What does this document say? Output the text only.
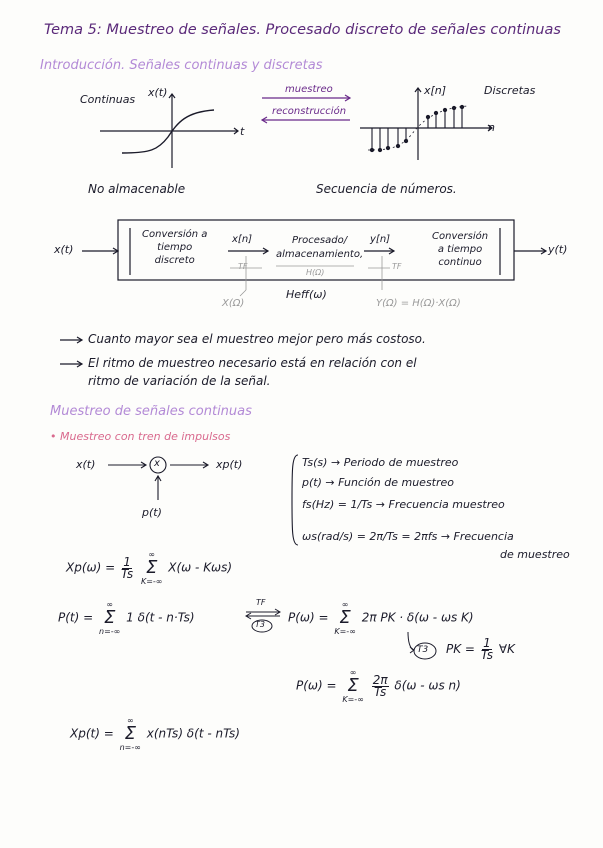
Tema 5: Muestreo de señales. Procesado discreto de señales continuas
Introducción. Señales continuas y discretas
Continuas
x(t)
t
muestreo
reconstrucción
x[n]	Discretas
n
No almacenable	Secuencia de números.
x(t)	y(t)
Conversión a
tiempo
discreto
x[n]
TF
Procesado/
almacenamiento,
H(Ω)
y[n]
TF
Conversión
a tiempo
continuo
X(Ω)
Heff(ω)
Y(Ω) = H(Ω)·X(Ω)
Cuanto mayor sea el muestreo mejor pero más costoso.
El ritmo de muestreo necesario está en relación con el
ritmo de variación de la señal.
Muestreo de señales continuas
• Muestreo con tren de impulsos
x(t)	x	xp(t)
p(t)
Ts(s) → Periodo de muestreo
p(t) → Función de muestreo
fs(Hz) = 1/Ts → Frecuencia muestreo
ωs(rad/s) = 2π/Ts = 2πfs → Frecuencia
de muestreo
$Xp(\omega) = \frac{1}{Ts}$

∞
Σ
K=-∞
X(ω - Kωs)
P(t) =
∞
Σ
n=-∞
1 δ(t - n·Ts)
TF
T3 P(ω) =
∞
Σ
K=-∞
2π PK · δ(ω - ωs K)
T3 PK = $\frac{1}{Ts}$ ∀K
P(ω) =
∞
Σ
K=-∞

$\frac{2\pi}{Ts} \delta(\omega$ - ωs n)
Xp(t) =
∞
Σ
n=-∞
x(nTs) δ(t - nTs)
